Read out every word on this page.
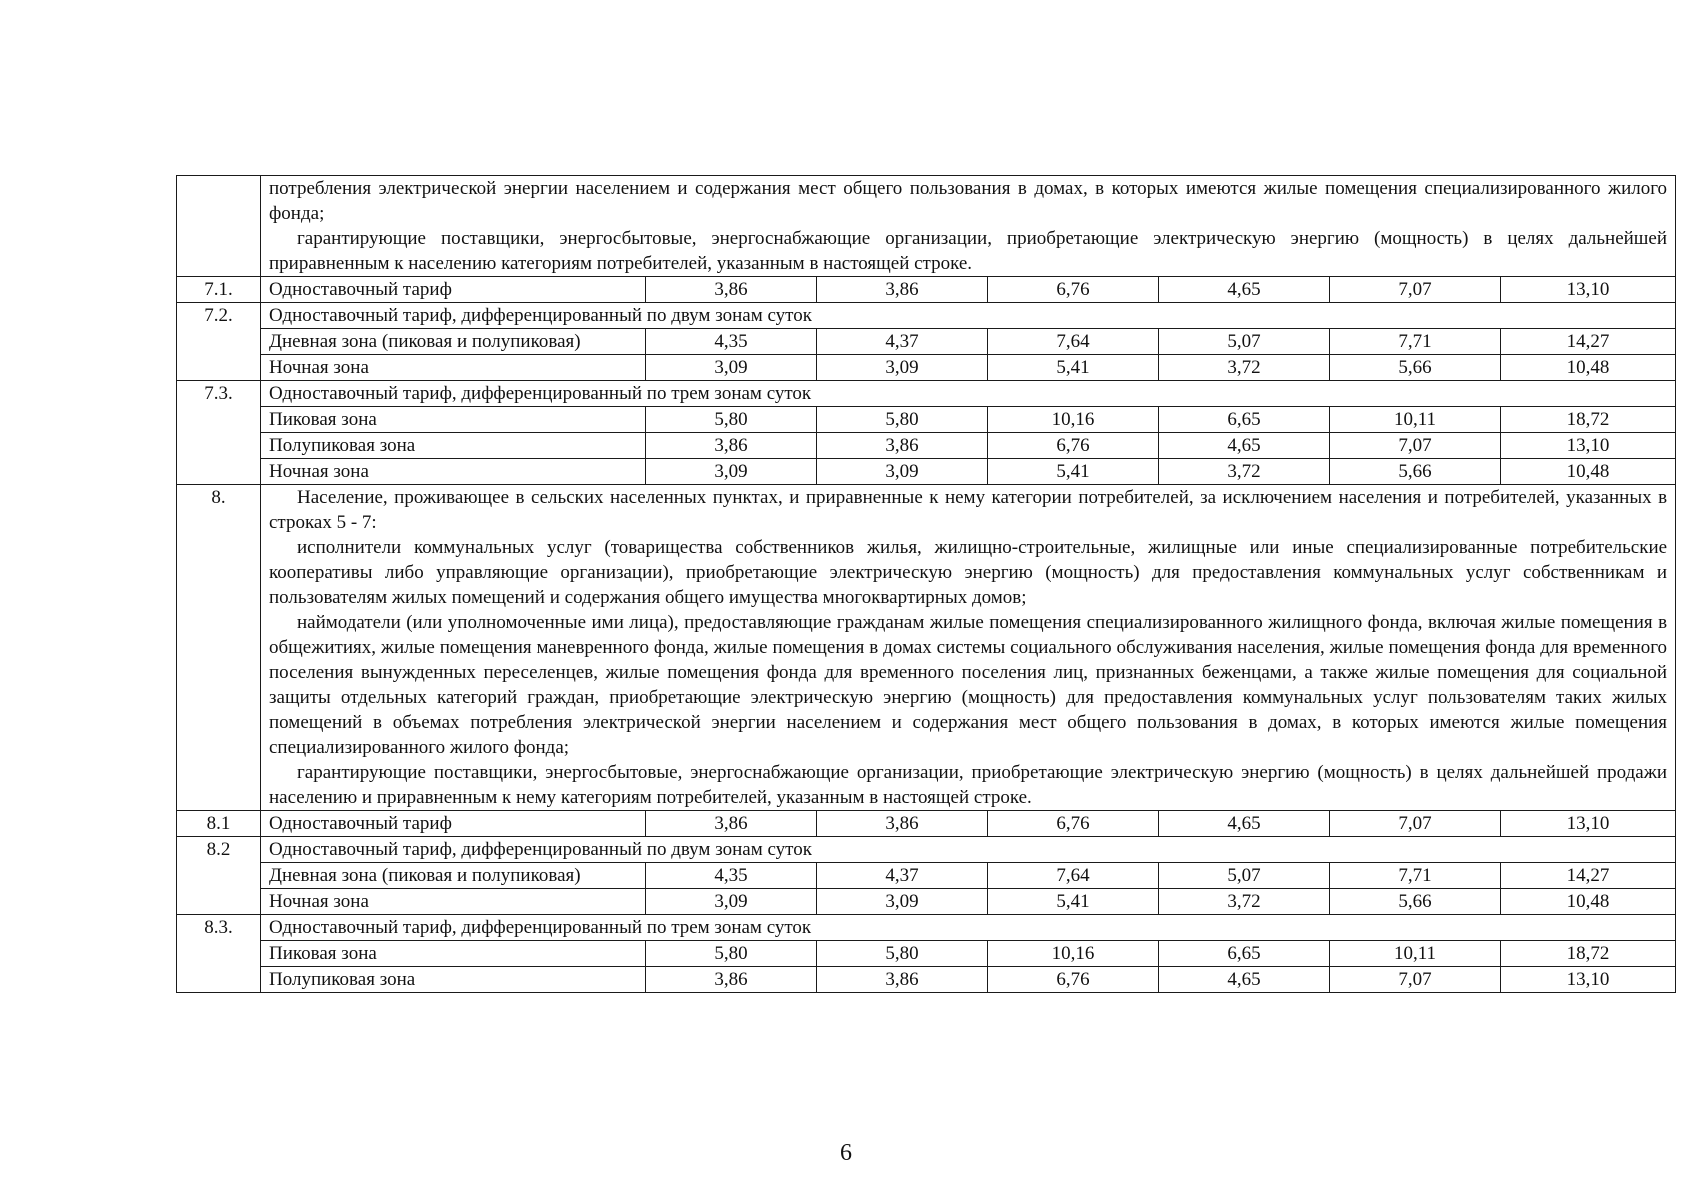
	потребления электрической энергии населением и содержания мест общего пользования в домах, в которых имеются жилые помещения специализированного жилого фонда;

гарантирующие поставщики, энергосбытовые, энергоснабжающие организации, приобретающие электрическую энергию (мощность) в целях дальнейшей приравненным к населению категориям потребителей, указанным в настоящей строке.						

7.1.	Одноставочный тариф	3,86	3,86	6,76	4,65	7,07	13,10
7.2.	Одноставочный тариф, дифференцированный по двум зонам суток						
	Дневная зона (пиковая и полупиковая)	4,35	4,37	7,64	5,07	7,71	14,27
	Ночная зона	3,09	3,09	5,41	3,72	5,66	10,48
7.3.	Одноставочный тариф, дифференцированный по трем зонам суток						
	Пиковая зона	5,80	5,80	10,16	6,65	10,11	18,72
	Полупиковая зона	3,86	3,86	6,76	4,65	7,07	13,10
	Ночная зона	3,09	3,09	5,41	3,72	5,66	10,48
8.	Население, проживающее в сельских населенных пунктах, и приравненные к нему категории потребителей, за исключением населения и потребителей, указанных в строках 5 - 7:

исполнители коммунальных услуг (товарищества собственников жилья, жилищно-строительные, жилищные или иные специализированные потребительские кооперативы либо управляющие организации), приобретающие электрическую энергию (мощность) для предоставления коммунальных услуг собственникам и пользователям жилых помещений и содержания общего имущества многоквартирных домов;

наймодатели (или уполномоченные ими лица), предоставляющие гражданам жилые помещения специализированного жилищного фонда, включая жилые помещения в общежитиях, жилые помещения маневренного фонда, жилые помещения в домах системы социального обслуживания населения, жилые помещения фонда для временного поселения вынужденных переселенцев, жилые помещения фонда для временного поселения лиц, признанных беженцами, а также жилые помещения для социальной защиты отдельных категорий граждан, приобретающие электрическую энергию (мощность) для предоставления коммунальных услуг пользователям таких жилых помещений в объемах потребления электрической энергии населением и содержания мест общего пользования в домах, в которых имеются жилые помещения специализированного жилого фонда;

гарантирующие поставщики, энергосбытовые, энергоснабжающие организации, приобретающие электрическую энергию (мощность) в целях дальнейшей продажи населению и приравненным к нему категориям потребителей, указанным в настоящей строке.						

8.1	Одноставочный тариф	3,86	3,86	6,76	4,65	7,07	13,10
8.2	Одноставочный тариф, дифференцированный по двум зонам суток						
	Дневная зона (пиковая и полупиковая)	4,35	4,37	7,64	5,07	7,71	14,27
	Ночная зона	3,09	3,09	5,41	3,72	5,66	10,48
8.3.	Одноставочный тариф, дифференцированный по трем зонам суток						
	Пиковая зона	5,80	5,80	10,16	6,65	10,11	18,72
	Полупиковая зона	3,86	3,86	6,76	4,65	7,07	13,10
6
